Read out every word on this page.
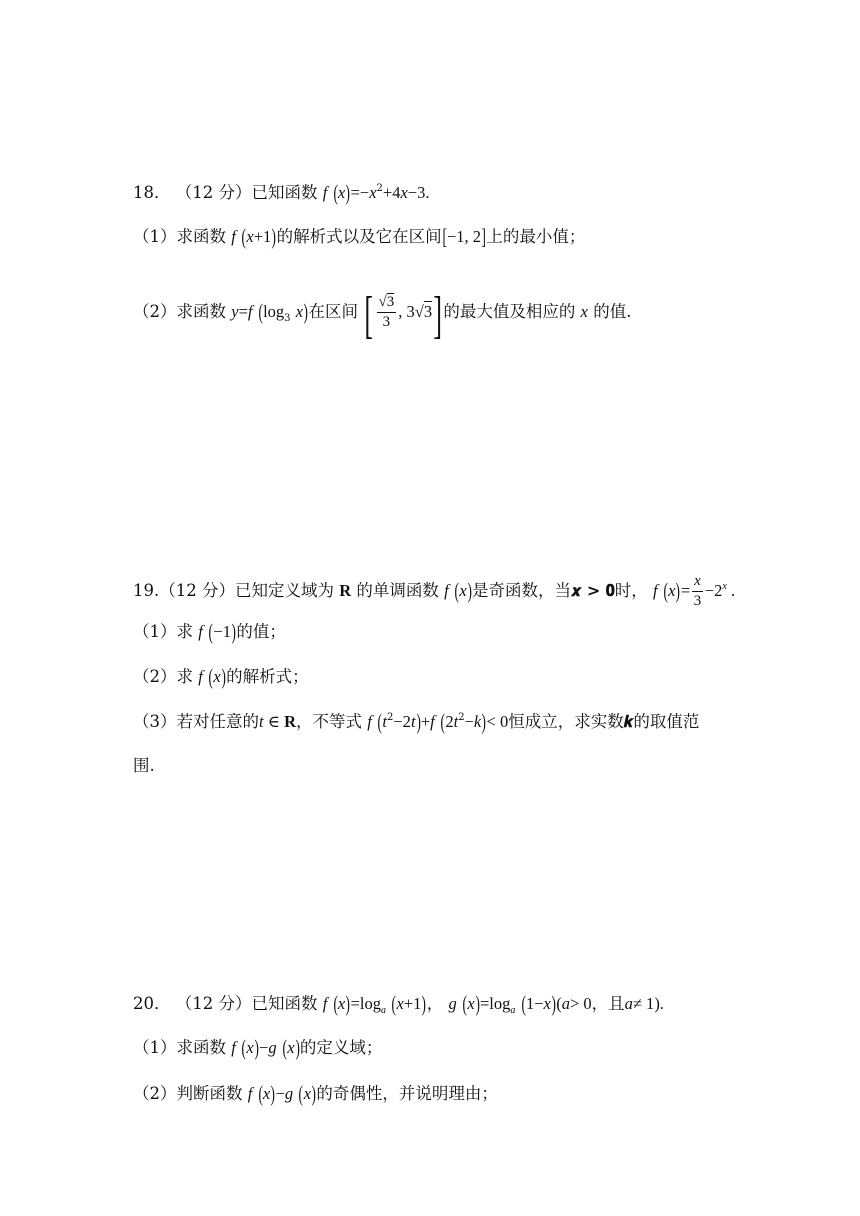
18． （12 分）已知函数 f $(x)=-x^2+4x-3$.
（1）求函数 f (x+1)的解析式以及它在区间[−1, 2]上的最小值；
（2）求函数 y=f ($\log_3$ x)在区间 [ $\frac{√3}{3}$ , 3√3]的最大值及相应的 x 的值.
19.（12 分）已知定义域为 R 的单调函数 f (x)是奇函数，当𝒙 > 𝟎时， f $(x)= \frac{x}{3} -2^x$ .
（1）求 f (−1)的值；
（2）求 f (x)的解析式；
（3）若对任意的t ∈ R，不等式 f $(t^2-2t)+f$ $(2t^2-k)< 0$恒成立，求实数𝒌的取值范
围.
20． （12 分）已知函数 f $(x)=\log_a$ (x+1)， g $(x)=\log_a$ (1−x)(a> 0，且a≠ 1).
（1）求函数 f (x)−g (x)的定义域；
（2）判断函数 f (x)−g (x)的奇偶性，并说明理由；
